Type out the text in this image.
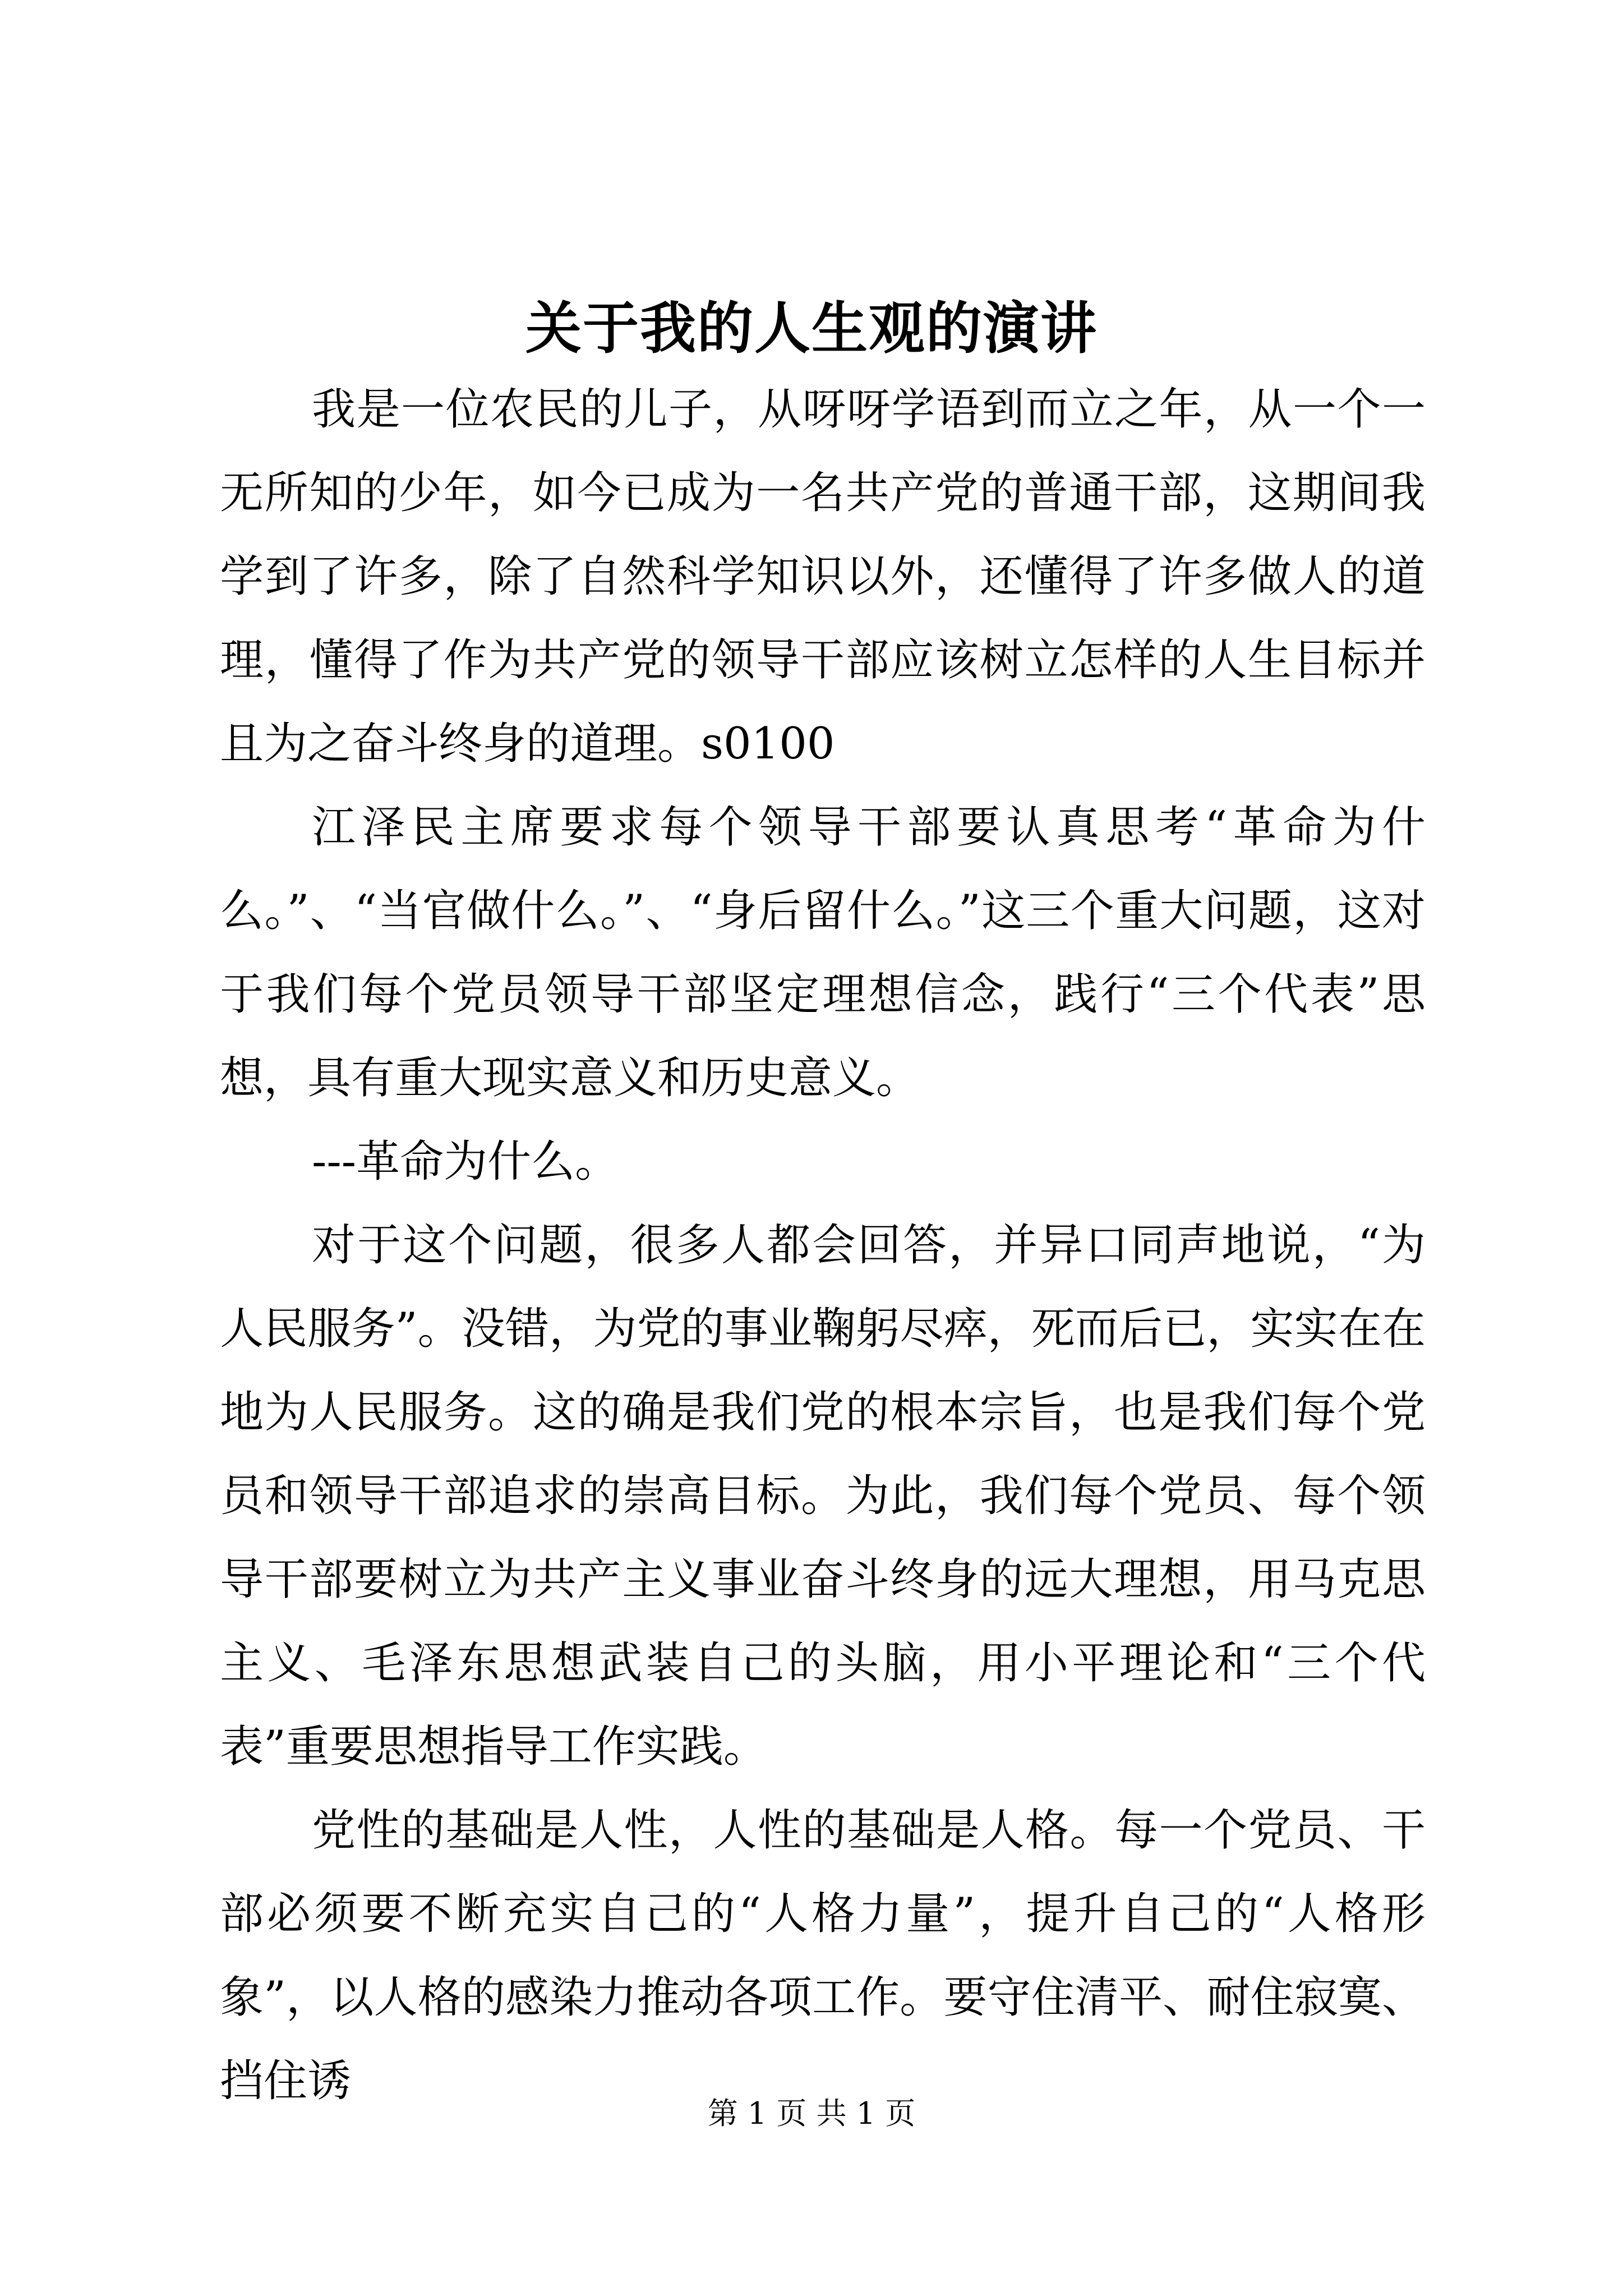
关于我的人生观的演讲

我是一位农民的儿子，从呀呀学语到而立之年，从一个一无所知的少年，如今已成为一名共产党的普通干部，这期间我学到了许多，除了自然科学知识以外，还懂得了许多做人的道理，懂得了作为共产党的领导干部应该树立怎样的人生目标并且为之奋斗终身的道理。s0100

江泽民主席要求每个领导干部要认真思考“革命为什么。”、“当官做什么。”、“身后留什么。”这三个重大问题，这对于我们每个党员领导干部坚定理想信念，践行“三个代表”思想，具有重大现实意义和历史意义。

---革命为什么。

对于这个问题，很多人都会回答，并异口同声地说，“为人民服务”。没错，为党的事业鞠躬尽瘁，死而后已，实实在在地为人民服务。这的确是我们党的根本宗旨，也是我们每个党员和领导干部追求的崇高目标。为此，我们每个党员、每个领导干部要树立为共产主义事业奋斗终身的远大理想，用马克思主义、毛泽东思想武装自己的头脑，用小平理论和“三个代表”重要思想指导工作实践。

党性的基础是人性，人性的基础是人格。每一个党员、干部必须要不断充实自己的“人格力量”，提升自己的“人格形象”，以人格的感染力推动各项工作。要守住清平、耐住寂寞、挡住诱

第 1 页 共 1 页
